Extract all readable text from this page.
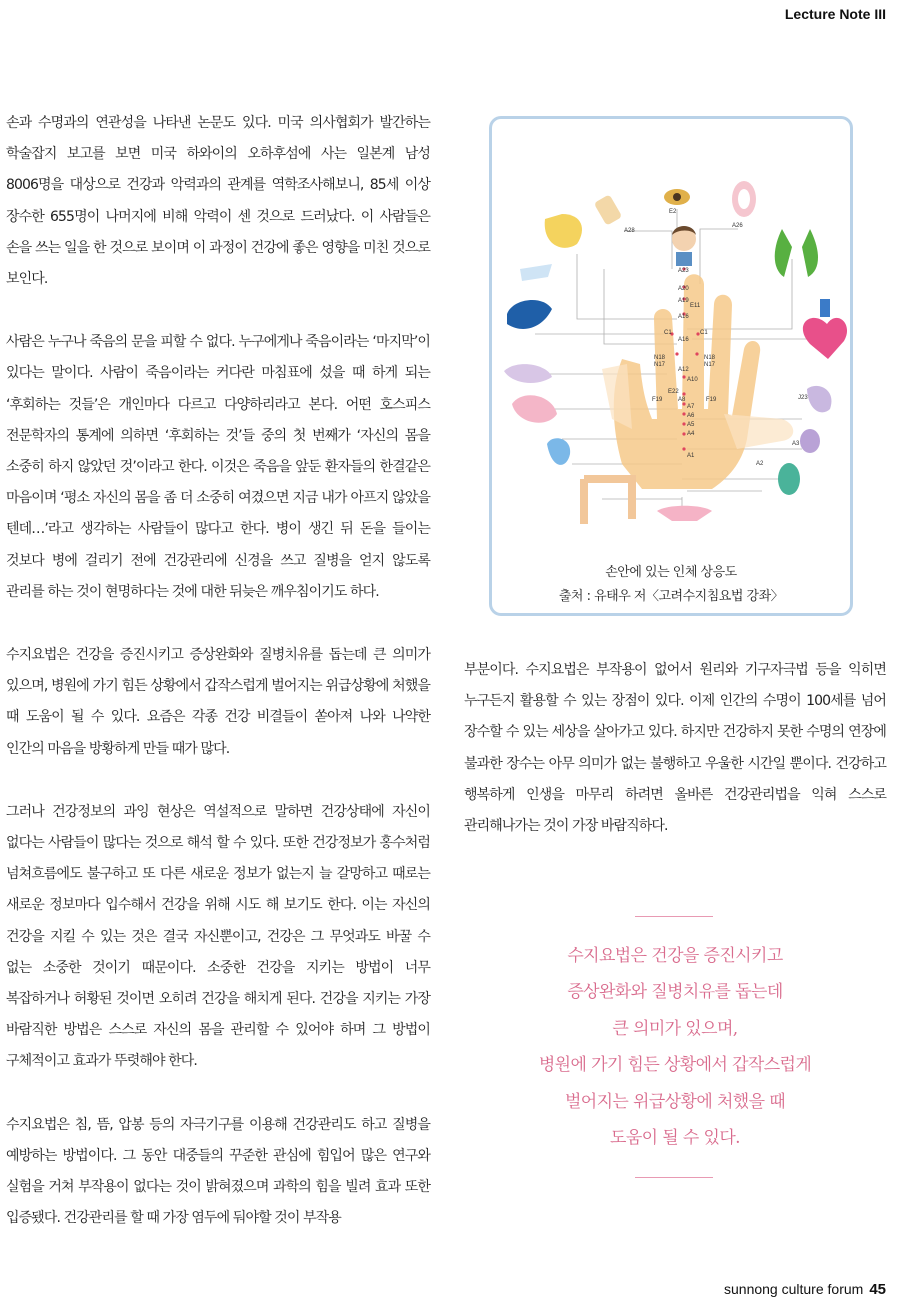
Lecture Note III

손과 수명과의 연관성을 나타낸 논문도 있다. 미국 의사협회가 발간하는 학술잡지 보고를 보면 미국 하와이의 오하후섬에 사는 일본계 남성 8006명을 대상으로 건강과 악력과의 관계를 역학조사해보니, 85세 이상 장수한 655명이 나머지에 비해 악력이 센 것으로 드러났다. 이 사람들은 손을 쓰는 일을 한 것으로 보이며 이 과정이 건강에 좋은 영향을 미친 것으로 보인다.

사람은 누구나 죽음의 문을 피할 수 없다. 누구에게나 죽음이라는 ‘마지막’이 있다는 말이다. 사람이 죽음이라는 커다란 마침표에 섰을 때 하게 되는 ‘후회하는 것들’은 개인마다 다르고 다양하리라고 본다. 어떤 호스피스 전문학자의 통계에 의하면 ‘후회하는 것’들 중의 첫 번째가 ‘자신의 몸을 소중히 하지 않았던 것’이라고 한다. 이것은 죽음을 앞둔 환자들의 한결같은 마음이며 ‘평소 자신의 몸을 좀 더 소중히 여겼으면 지금 내가 아프지 않았을 텐데…’라고 생각하는 사람들이 많다고 한다. 병이 생긴 뒤 돈을 들이는 것보다 병에 걸리기 전에 건강관리에 신경을 쓰고 질병을 얻지 않도록 관리를 하는 것이 현명하다는 것에 대한 뒤늦은 깨우침이기도 하다.

수지요법은 건강을 증진시키고 증상완화와 질병치유를 돕는데 큰 의미가 있으며, 병원에 가기 힘든 상황에서 갑작스럽게 벌어지는 위급상황에 처했을 때 도움이 될 수 있다. 요즘은 각종 건강 비결들이 쏟아져 나와 나약한 인간의 마음을 방황하게 만들 때가 많다.

그러나 건강정보의 과잉 현상은 역설적으로 말하면 건강상태에 자신이 없다는 사람들이 많다는 것으로 해석 할 수 있다. 또한 건강정보가 홍수처럼 넘쳐흐름에도 불구하고 또 다른 새로운 정보가 없는지 늘 갈망하고 때로는 새로운 정보마다 입수해서 건강을 위해 시도 해 보기도 한다. 이는 자신의 건강을 지킬 수 있는 것은 결국 자신뿐이고, 건강은 그 무엇과도 바꿀 수 없는 소중한 것이기 때문이다. 소중한 건강을 지키는 방법이 너무 복잡하거나 허황된 것이면 오히려 건강을 해치게 된다. 건강을 지키는 가장 바람직한 방법은 스스로 자신의 몸을 관리할 수 있어야 하며 그 방법이 구체적이고 효과가 뚜렷해야 한다.

수지요법은 침, 뜸, 압봉 등의 자극기구를 이용해 건강관리도 하고 질병을 예방하는 방법이다. 그 동안 대중들의 꾸준한 관심에 힘입어 많은 연구와 실험을 거쳐 부작용이 없다는 것이 밝혀졌으며 과학의 힘을 빌려 효과 또한 입증됐다. 건강관리를 할 때 가장 염두에 둬야할 것이 부작용

E2
A28
A26
A23
A20
A19
E11
A16
C1	C1
A16
N18
N17
A12
N18
N17
A10
E22
F19	A8	F19
A7
A6
A5
A4
J23
A3
A2
A1
손안에 있는 인체 상응도
출처 : 유태우 저〈고려수지침요법 강좌〉

부분이다. 수지요법은 부작용이 없어서 원리와 기구자극법 등을 익히면 누구든지 활용할 수 있는 장점이 있다. 이제 인간의 수명이 100세를 넘어 장수할 수 있는 세상을 살아가고 있다. 하지만 건강하지 못한 수명의 연장에 불과한 장수는 아무 의미가 없는 불행하고 우울한 시간일 뿐이다. 건강하고 행복하게 인생을 마무리 하려면 올바른 건강관리법을 익혀 스스로 관리해나가는 것이 가장 바람직하다.

수지요법은 건강을 증진시키고
증상완화와 질병치유를 돕는데
큰 의미가 있으며,
병원에 가기 힘든 상황에서 갑작스럽게
벌어지는 위급상황에 처했을 때
도움이 될 수 있다.
sunnong culture forum 45
